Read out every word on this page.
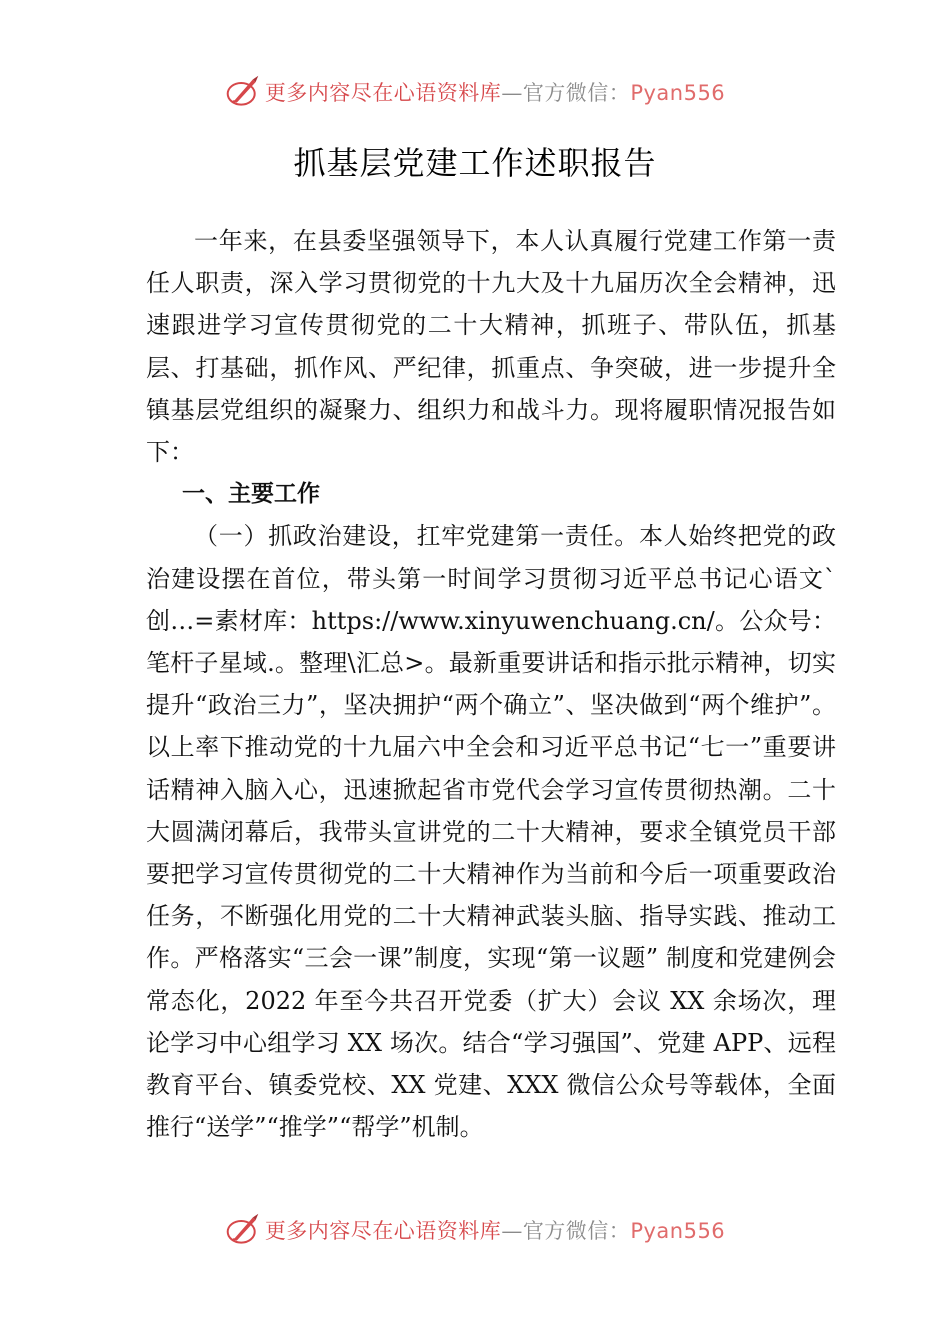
更多内容尽在心语资料库—官方微信：Pyan556
抓基层党建工作述职报告

一年来，在县委坚强领导下，本人认真履行党建工作第一责任人职责，深入学习贯彻党的十九大及十九届历次全会精神，迅速跟进学习宣传贯彻党的二十大精神，抓班子、带队伍，抓基层、打基础，抓作风、严纪律，抓重点、争突破，进一步提升全镇基层党组织的凝聚力、组织力和战斗力。现将履职情况报告如下：

一、主要工作

（一）抓政治建设，扛牢党建第一责任。本人始终把党的政治建设摆在首位，带头第一时间学习贯彻习近平总书记心语文`创…=素材库：https://www.xinyuwenchuang.cn/。公众号：笔杆子星域.。整理\汇总>。最新重要讲话和指示批示精神，切实提升“政治三力”，坚决拥护“两个确立”、坚决做到“两个维护”。以上率下推动党的十九届六中全会和习近平总书记“七一”重要讲话精神入脑入心，迅速掀起省市党代会学习宣传贯彻热潮。二十大圆满闭幕后，我带头宣讲党的二十大精神，要求全镇党员干部要把学习宣传贯彻党的二十大精神作为当前和今后一项重要政治任务，不断强化用党的二十大精神武装头脑、指导实践、推动工作。严格落实“三会一课”制度，实现“第一议题” 制度和党建例会常态化，2022 年至今共召开党委（扩大）会议 XX 余场次，理论学习中心组学习 XX 场次。结合“学习强国”、党建 APP、远程教育平台、镇委党校、XX 党建、XXX 微信公众号等载体，全面推行“送学”“推学”“帮学”机制。

更多内容尽在心语资料库—官方微信：Pyan556
